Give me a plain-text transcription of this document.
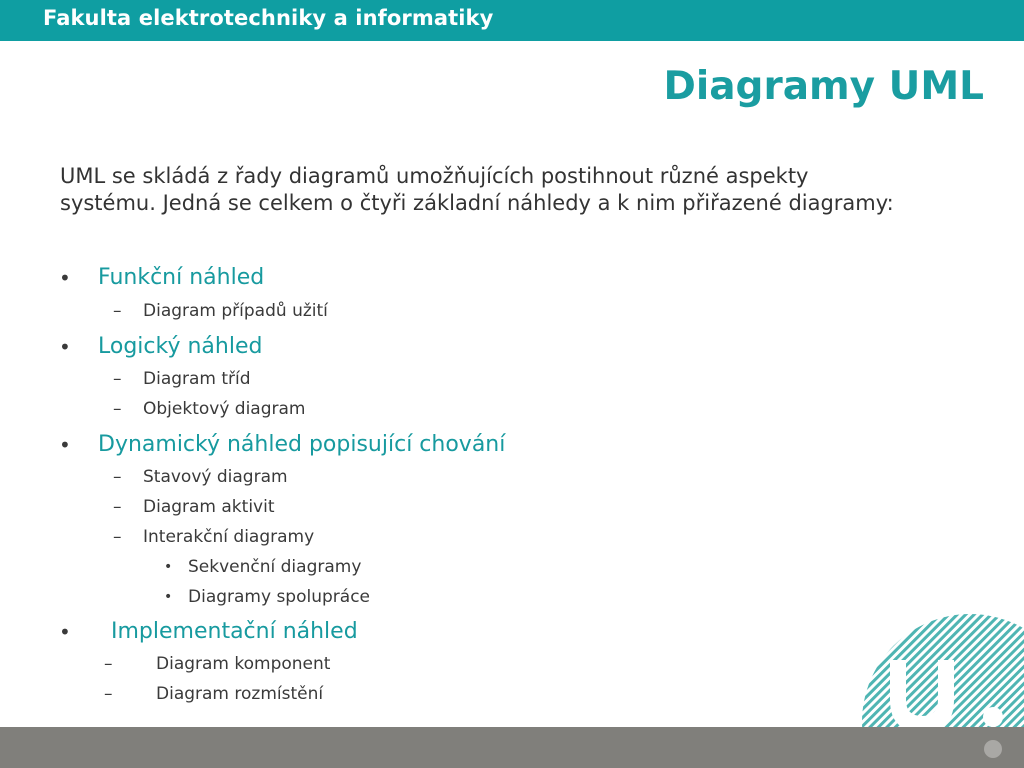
Fakulta elektrotechniky a informatiky
Diagramy UML

UML se skládá z řady diagramů umožňujících postihnout různé aspekty
systému. Jedná se celkem o čtyři základní náhledy a k nim přiřazené diagramy:

• Funkční náhled
– Diagram případů užití
• Logický náhled
– Diagram tříd
– Objektový diagram
• Dynamický náhled popisující chování
– Stavový diagram
– Diagram aktivit
– Interakční diagramy
• Sekvenční diagramy
• Diagramy spolupráce
• Implementační náhled
–	Diagram komponent
–	Diagram rozmístění
